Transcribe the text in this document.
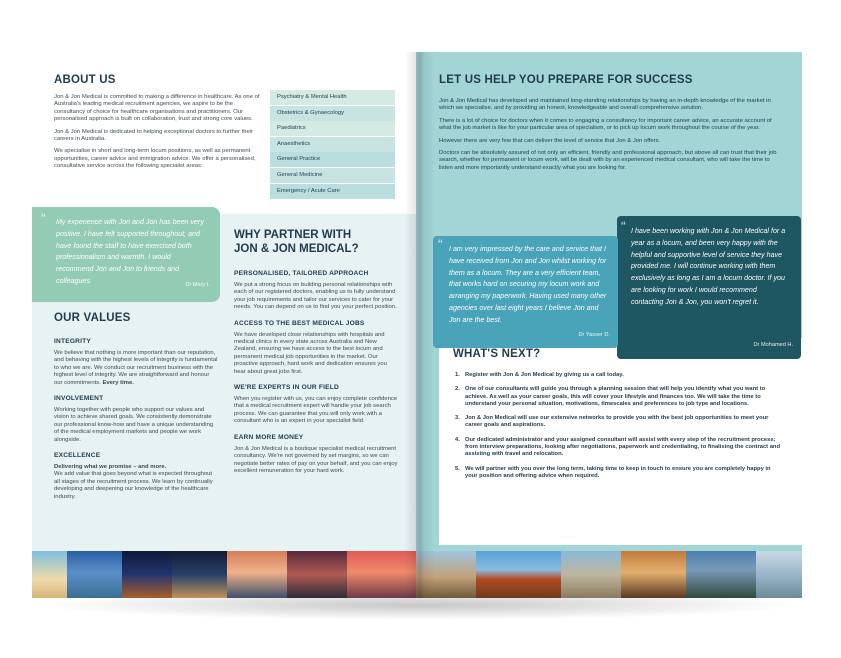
ABOUT US

Jon & Jon Medical is committed to making a difference in healthcare. As one of Australia's leading medical recruitment agencies, we aspire to be the consultancy of choice for healthcare organisations and practitioners. Our personalised approach is built on collaboration, trust and strong core values.

Jon & Jon Medical is dedicated to helping exceptional doctors to further their careers in Australia.

We specialise in short and long-term locum positions, as well as permanent opportunities, career advice and immigration advice. We offer a personalised, consultative service across the following specialist areas:

Psychiatry & Mental Health
Obstetrics & Gynaecology
Paediatrics
Anaesthetics
General Practice
General Medicine
Emergency / Acute Care
“ My experience with Jon and Jon has been very positive. I have felt supported throughout, and have found the staff to have exercised both professionalism and warmth. I would recommend Jon and Jon to friends and colleagues.

Dr Mary I.
OUR VALUES
INTEGRITY

We believe that nothing is more important than our reputation, and behaving with the highest levels of integrity is fundamental to who we are. We conduct our recruitment business with the highest level of integrity. We are straightforward and honour our commitments. Every time.

INVOLVEMENT

Working together with people who support our values and vision to achieve shared goals. We consistently demonstrate our professional know-how and have a unique understanding of the medical employment markets and people we work alongside.

EXCELLENCE

Delivering what we promise – and more.

We add value that goes beyond what is expected throughout all stages of the recruitment process. We learn by continually developing and deepening our knowledge of the healthcare industry.

WHY PARTNER WITH
JON & JON MEDICAL?
PERSONALISED, TAILORED APPROACH

We put a strong focus on building personal relationships with each of our registered doctors, enabling us to fully understand your job requirements and tailor our services to cater for your needs. You can depend on us to find you your perfect position.

ACCESS TO THE BEST MEDICAL JOBS

We have developed close relationships with hospitals and medical clinics in every state across Australia and New Zealand, ensuring we have access to the best locum and permanent medical job opportunities in the market. Our proactive approach, hard work and dedication ensures you hear about great jobs first.

WE'RE EXPERTS IN OUR FIELD

When you register with us, you can enjoy complete confidence that a medical recruitment expert will handle your job search process. We can guarantee that you will only work with a consultant who is an expert in your specialist field.

EARN MORE MONEY

Jon & Jon Medical is a boutique specialist medical recruitment consultancy. We're not governed by set margins, so we can negotiate better rates of pay on your behalf, and you can enjoy excellent remuneration for your hard work.

LET US HELP YOU PREPARE FOR SUCCESS

Jon & Jon Medical has developed and maintained long-standing relationships by having an in-depth knowledge of the market in which we specialise, and by providing an honest, knowledgeable and overall comprehensive solution.

There is a lot of choice for doctors when it comes to engaging a consultancy for important career advice, an accurate account of what the job market is like for your particular area of specialism, or to pick up locum work throughout the course of the year.

However there are very few that can deliver the level of service that Jon & Jon offers.

Doctors can be absolutely assured of not only an efficient, friendly and professional approach, but above all can trust that their job search, whether for permanent or locum work, will be dealt with by an experienced medical consultant, who will take the time to listen and more importantly understand exactly what you are looking for.

WHAT'S NEXT?
1. Register with Jon & Jon Medical by giving us a call today.
2. One of our consultants will guide you through a planning session that will help you identify what you want to achieve. As well as your career goals, this will cover your lifestyle and finances too. We will take the time to understand your personal situation, motivations, timescales and preferences to job type and locations.
3. Jon & Jon Medical will use our extensive networks to provide you with the best job opportunities to meet your career goals and aspirations.
4. Our dedicated administrator and your assigned consultant will assist with every step of the recruitment process; from interview preparations, looking after negotiations, paperwork and credentialing, to finalising the contract and assisting with travel and relocation.
5. We will partner with you over the long term, taking time to keep in touch to ensure you are completely happy in your position and offering advice when required.
“ I have been working with Jon & Jon Medical for a year as a locum, and been very happy with the helpful and supportive level of service they have provided me. I will continue working with them exclusively as long as I am a locum doctor. If you are looking for work I would recommend contacting Jon & Jon, you won't regret it.

Dr Mohamed H.
“ I am very impressed by the care and service that I have received from Jon and Jon whilst working for them as a locum. They are a very efficient team, that works hard on securing my locum work and arranging my paperwork. Having used many other agencies over last eight years I believe Jon and Jon are the best.

Dr Yasser D.
